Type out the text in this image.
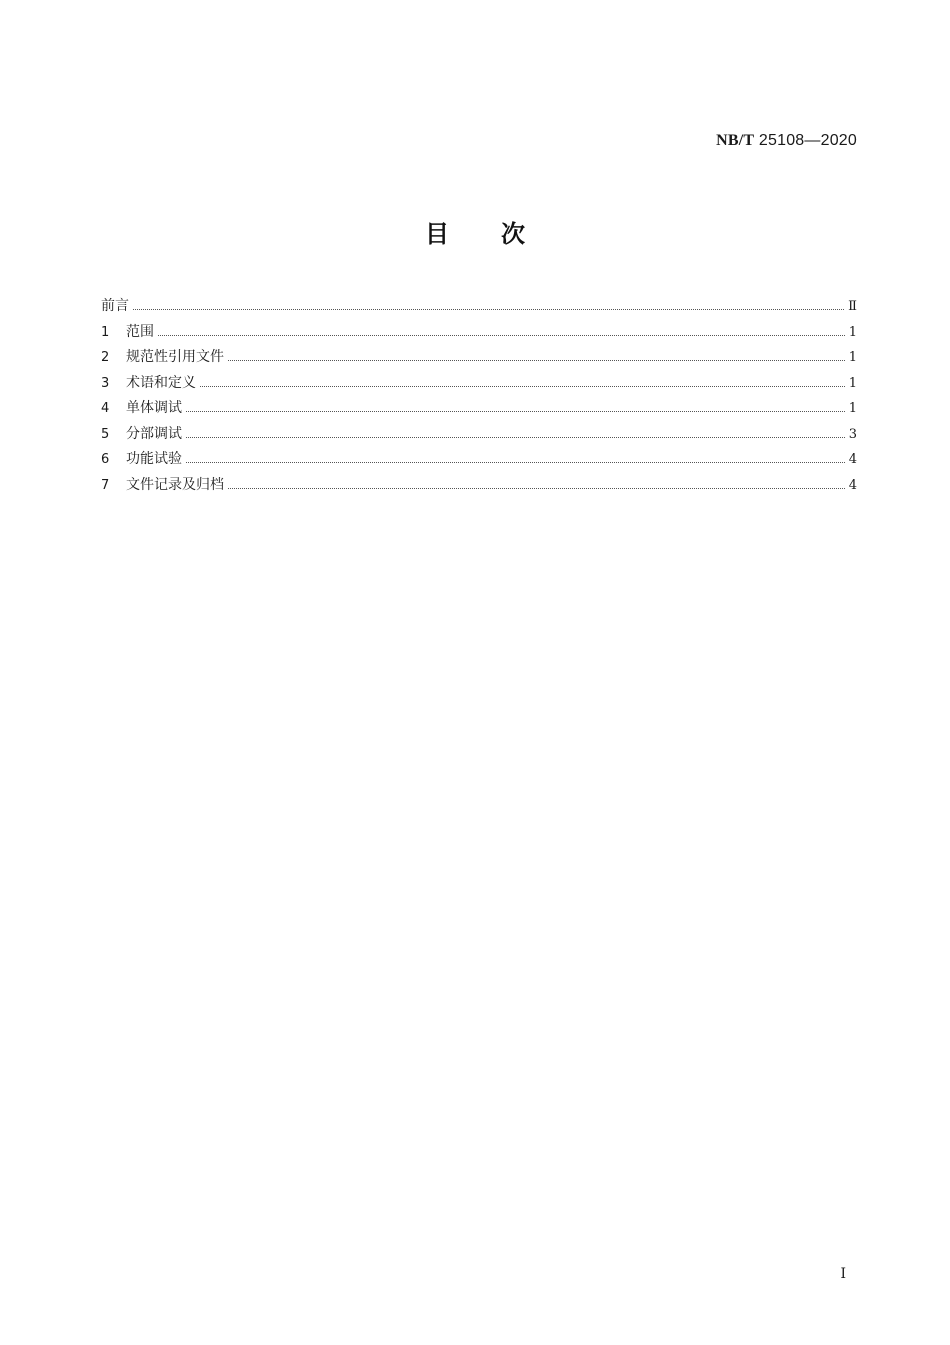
NB/T 25108—2020
目次
前言	Ⅱ
1	范围	1
2	规范性引用文件	1
3	术语和定义	1
4	单体调试	1
5	分部调试	3
6	功能试验	4
7	文件记录及归档	4
I
